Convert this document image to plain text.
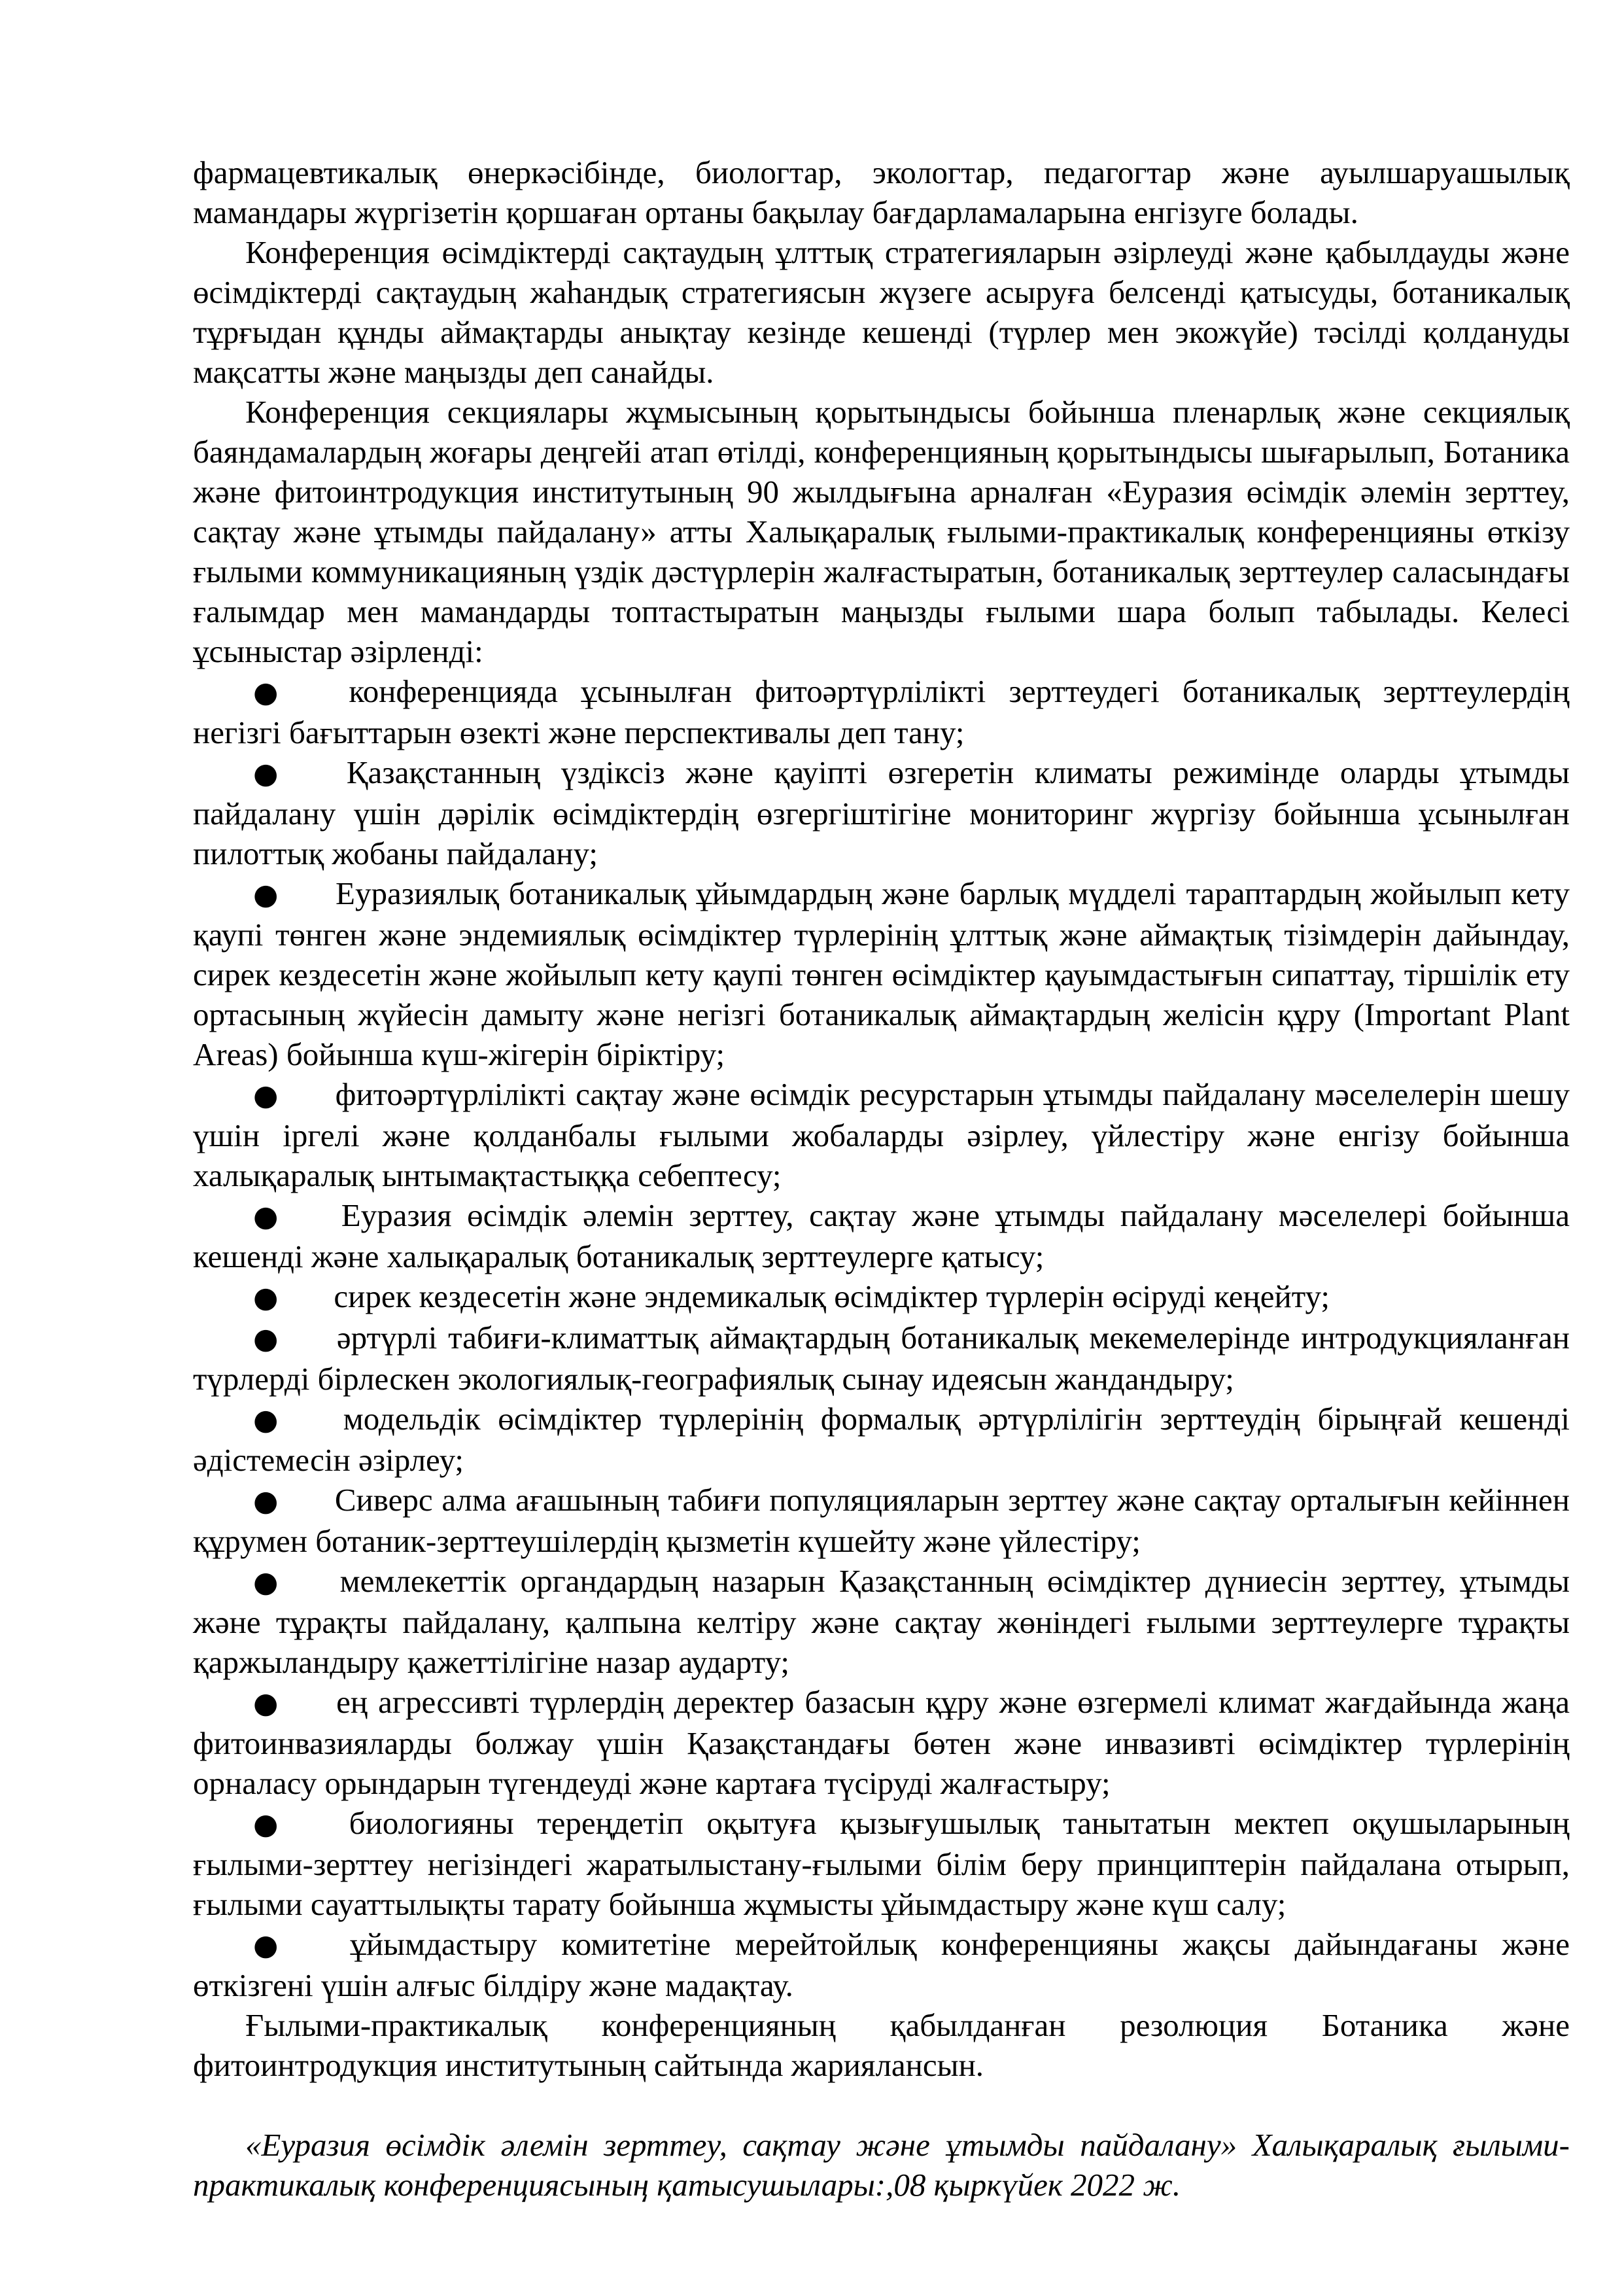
фармацевтикалық өнеркәсібінде, биологтар, экологтар, педагогтар және ауылшаруашылық мамандары жүргізетін қоршаған ортаны бақылау бағдарламаларына енгізуге болады.

Конференция өсімдіктерді сақтаудың ұлттық стратегияларын әзірлеуді және қабылдауды және өсімдіктерді сақтаудың жаһандық стратегиясын жүзеге асыруға белсенді қатысуды, ботаникалық тұрғыдан құнды аймақтарды анықтау кезінде кешенді (түрлер мен экожүйе) тәсілді қолдануды мақсатты және маңызды деп санайды.

Конференция секциялары жұмысының қорытындысы бойынша пленарлық және секциялық баяндамалардың жоғары деңгейі атап өтілді, конференцияның қорытындысы шығарылып, Ботаника және фитоинтродукция институтының 90 жылдығына арналған «Еуразия өсімдік әлемін зерттеу, сақтау және ұтымды пайдалану» атты Халықаралық ғылыми-практикалық конференцияны өткізу ғылыми коммуникацияның үздік дәстүрлерін жалғастыратын, ботаникалық зерттеулер саласындағы ғалымдар мен мамандарды топтастыратын маңызды ғылыми шара болып табылады. Келесі ұсыныстар әзірленді:

● конференцияда ұсынылған фитоәртүрлілікті зерттеудегі ботаникалық зерттеулердің негізгі бағыттарын өзекті және перспективалы деп тану;
● Қазақстанның үздіксіз және қауіпті өзгеретін климаты режимінде оларды ұтымды пайдалану үшін дәрілік өсімдіктердің өзгергіштігіне мониторинг жүргізу бойынша ұсынылған пилоттық жобаны пайдалану;
● Еуразиялық ботаникалық ұйымдардың және барлық мүдделі тараптардың жойылып кету қаупі төнген және эндемиялық өсімдіктер түрлерінің ұлттық және аймақтық тізімдерін дайындау, сирек кездесетін және жойылып кету қаупі төнген өсімдіктер қауымдастығын сипаттау, тіршілік ету ортасының жүйесін дамыту және негізгі ботаникалық аймақтардың желісін құру (Important Plant Areas) бойынша күш-жігерін біріктіру;
● фитоәртүрлілікті сақтау және өсімдік ресурстарын ұтымды пайдалану мәселелерін шешу үшін іргелі және қолданбалы ғылыми жобаларды әзірлеу, үйлестіру және енгізу бойынша халықаралық ынтымақтастыққа себептесу;
● Еуразия өсімдік әлемін зерттеу, сақтау және ұтымды пайдалану мәселелері бойынша кешенді және халықаралық ботаникалық зерттеулерге қатысу;
● сирек кездесетін және эндемикалық өсімдіктер түрлерін өсіруді кеңейту;
● әртүрлі табиғи-климаттық аймақтардың ботаникалық мекемелерінде интродукцияланған түрлерді бірлескен экологиялық-географиялық сынау идеясын жандандыру;
● модельдік өсімдіктер түрлерінің формалық әртүрлілігін зерттеудің бірыңғай кешенді әдістемесін әзірлеу;
● Сиверс алма ағашының табиғи популяцияларын зерттеу және сақтау орталығын кейіннен құрумен ботаник-зерттеушілердің қызметін күшейту және үйлестіру;
● мемлекеттік органдардың назарын Қазақстанның өсімдіктер дүниесін зерттеу, ұтымды және тұрақты пайдалану, қалпына келтіру және сақтау жөніндегі ғылыми зерттеулерге тұрақты қаржыландыру қажеттілігіне назар аударту;
● ең агрессивті түрлердің деректер базасын құру және өзгермелі климат жағдайында жаңа фитоинвазияларды болжау үшін Қазақстандағы бөтен және инвазивті өсімдіктер түрлерінің орналасу орындарын түгендеуді және картаға түсіруді жалғастыру;
● биологияны тереңдетіп оқытуға қызығушылық танытатын мектеп оқушыларының ғылыми-зерттеу негізіндегі жаратылыстану-ғылыми білім беру принциптерін пайдалана отырып, ғылыми сауаттылықты тарату бойынша жұмысты ұйымдастыру және күш салу;
● ұйымдастыру комитетіне мерейтойлық конференцияны жақсы дайындағаны және өткізгені үшін алғыс білдіру және мадақтау.

Ғылыми-практикалық конференцияның қабылданған резолюция Ботаника және фитоинтродукция институтының сайтында жариялансын.

«Еуразия өсімдік әлемін зерттеу, сақтау және ұтымды пайдалану» Халықаралық ғылыми-практикалық конференциясының қатысушылары:,08 қыркүйек 2022 ж.
